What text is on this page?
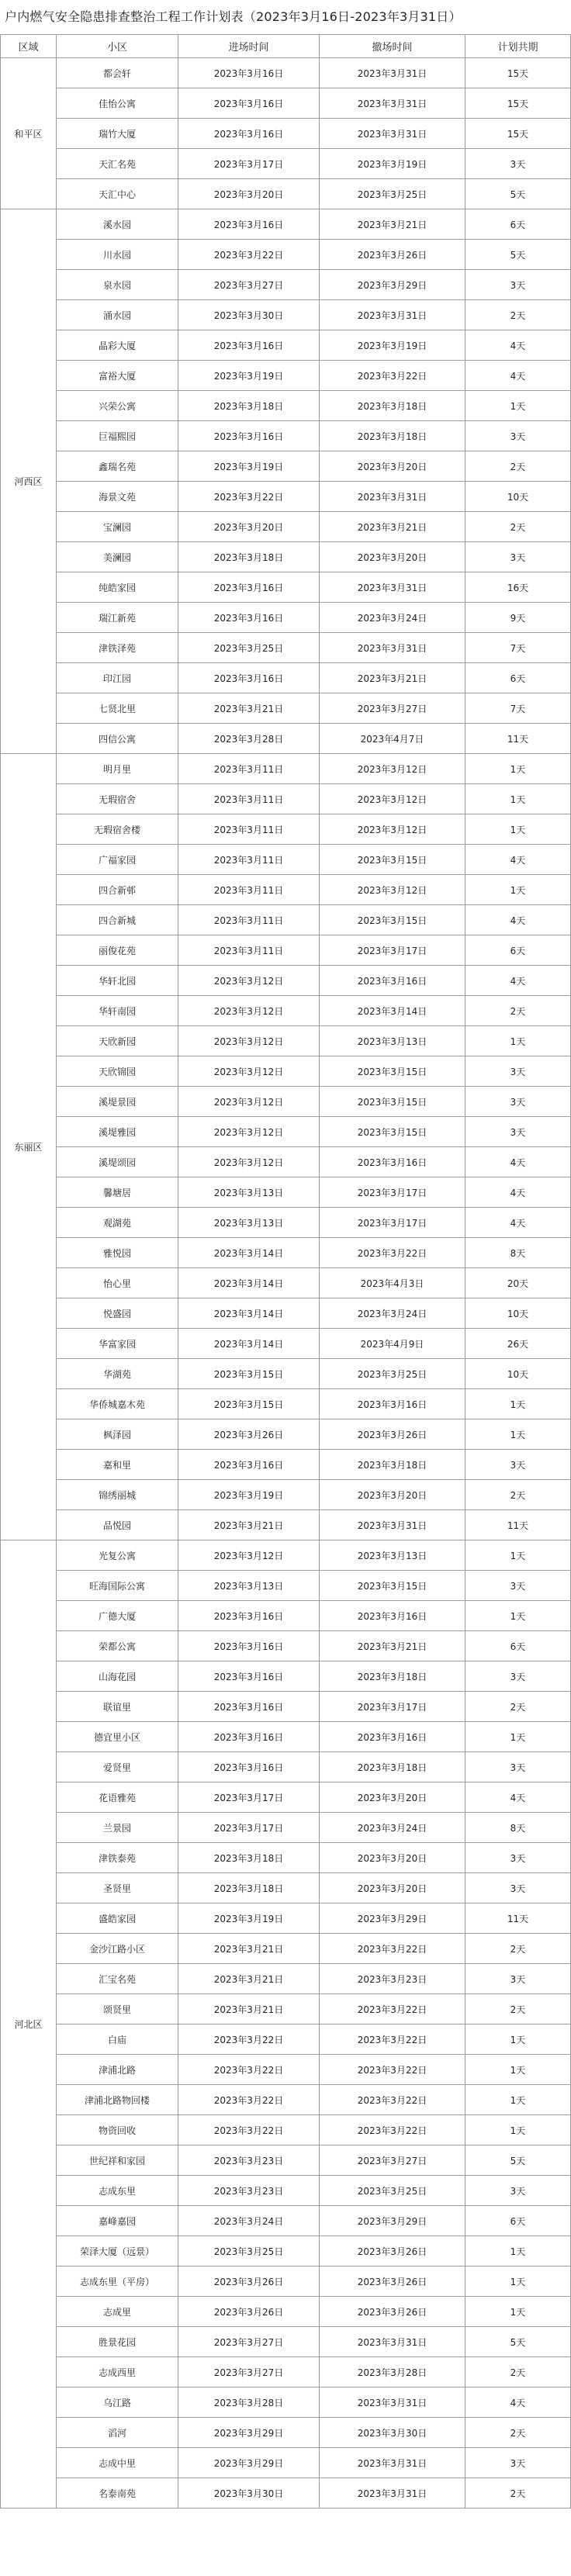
户内燃气安全隐患排查整治工程工作计划表（2023年3月16日-2023年3月31日）
区域	小区	进场时间	撤场时间	计划共期
和平区	都会轩	2023年3月16日	2023年3月31日	15天
	佳怡公寓	2023年3月16日	2023年3月31日	15天
	瑞竹大厦	2023年3月16日	2023年3月31日	15天
	天汇名苑	2023年3月17日	2023年3月19日	3天
	天汇中心	2023年3月20日	2023年3月25日	5天
河西区	溪水园	2023年3月16日	2023年3月21日	6天
	川水园	2023年3月22日	2023年3月26日	5天
	泉水园	2023年3月27日	2023年3月29日	3天
	涌水园	2023年3月30日	2023年3月31日	2天
	晶彩大厦	2023年3月16日	2023年3月19日	4天
	富裕大厦	2023年3月19日	2023年3月22日	4天
	兴荣公寓	2023年3月18日	2023年3月18日	1天
	巨福熙园	2023年3月16日	2023年3月18日	3天
	鑫瑞名苑	2023年3月19日	2023年3月20日	2天
	海景文苑	2023年3月22日	2023年3月31日	10天
	宝澜园	2023年3月20日	2023年3月21日	2天
	美澜园	2023年3月18日	2023年3月20日	3天
	纯皓家园	2023年3月16日	2023年3月31日	16天
	瑞江新苑	2023年3月16日	2023年3月24日	9天
	津铁泽苑	2023年3月25日	2023年3月31日	7天
	印江园	2023年3月16日	2023年3月21日	6天
	七贤北里	2023年3月21日	2023年3月27日	7天
	四信公寓	2023年3月28日	2023年4月7日	11天
东丽区	明月里	2023年3月11日	2023年3月12日	1天
	无瑕宿舍	2023年3月11日	2023年3月12日	1天
	无瑕宿舍楼	2023年3月11日	2023年3月12日	1天
	广福家园	2023年3月11日	2023年3月15日	4天
	四合新邨	2023年3月11日	2023年3月12日	1天
	四合新城	2023年3月11日	2023年3月15日	4天
	丽俊花苑	2023年3月11日	2023年3月17日	6天
	华轩北园	2023年3月12日	2023年3月16日	4天
	华轩南园	2023年3月12日	2023年3月14日	2天
	天欣新园	2023年3月12日	2023年3月13日	1天
	天欣锦园	2023年3月12日	2023年3月15日	3天
	溪堤景园	2023年3月12日	2023年3月15日	3天
	溪堤雅园	2023年3月12日	2023年3月15日	3天
	溪堤颂园	2023年3月12日	2023年3月16日	4天
	馨塘居	2023年3月13日	2023年3月17日	4天
	观湖苑	2023年3月13日	2023年3月17日	4天
	雅悦园	2023年3月14日	2023年3月22日	8天
	怡心里	2023年3月14日	2023年4月3日	20天
	悦盛园	2023年3月14日	2023年3月24日	10天
	华富家园	2023年3月14日	2023年4月9日	26天
	华湖苑	2023年3月15日	2023年3月25日	10天
	华侨城嘉木苑	2023年3月15日	2023年3月16日	1天
	枫泽园	2023年3月26日	2023年3月26日	1天
	嘉和里	2023年3月16日	2023年3月18日	3天
	锦绣丽城	2023年3月19日	2023年3月20日	2天
	品悦园	2023年3月21日	2023年3月31日	11天
河北区	光复公寓	2023年3月12日	2023年3月13日	1天
	旺海国际公寓	2023年3月13日	2023年3月15日	3天
	广德大厦	2023年3月16日	2023年3月16日	1天
	荣都公寓	2023年3月16日	2023年3月21日	6天
	山海花园	2023年3月16日	2023年3月18日	3天
	联谊里	2023年3月16日	2023年3月17日	2天
	德宜里小区	2023年3月16日	2023年3月16日	1天
	爱贤里	2023年3月16日	2023年3月18日	3天
	花语雅苑	2023年3月17日	2023年3月20日	4天
	兰景园	2023年3月17日	2023年3月24日	8天
	津铁泰苑	2023年3月18日	2023年3月20日	3天
	圣贤里	2023年3月18日	2023年3月20日	3天
	盛皓家园	2023年3月19日	2023年3月29日	11天
	金沙江路小区	2023年3月21日	2023年3月22日	2天
	汇宝名苑	2023年3月21日	2023年3月23日	3天
	颂贤里	2023年3月21日	2023年3月22日	2天
	白庙	2023年3月22日	2023年3月22日	1天
	津浦北路	2023年3月22日	2023年3月22日	1天
	津浦北路物回楼	2023年3月22日	2023年3月22日	1天
	物资回收	2023年3月22日	2023年3月22日	1天
	世纪祥和家园	2023年3月23日	2023年3月27日	5天
	志成东里	2023年3月23日	2023年3月25日	3天
	嘉峰嘉园	2023年3月24日	2023年3月29日	6天
	荣泽大厦（远景）	2023年3月25日	2023年3月26日	1天
	志成东里（平房）	2023年3月26日	2023年3月26日	1天
	志成里	2023年3月26日	2023年3月26日	1天
	胜景花园	2023年3月27日	2023年3月31日	5天
	志成西里	2023年3月27日	2023年3月28日	2天
	乌江路	2023年3月28日	2023年3月31日	4天
	滔河	2023年3月29日	2023年3月30日	2天
	志成中里	2023年3月29日	2023年3月31日	3天
	名泰南苑	2023年3月30日	2023年3月31日	2天
